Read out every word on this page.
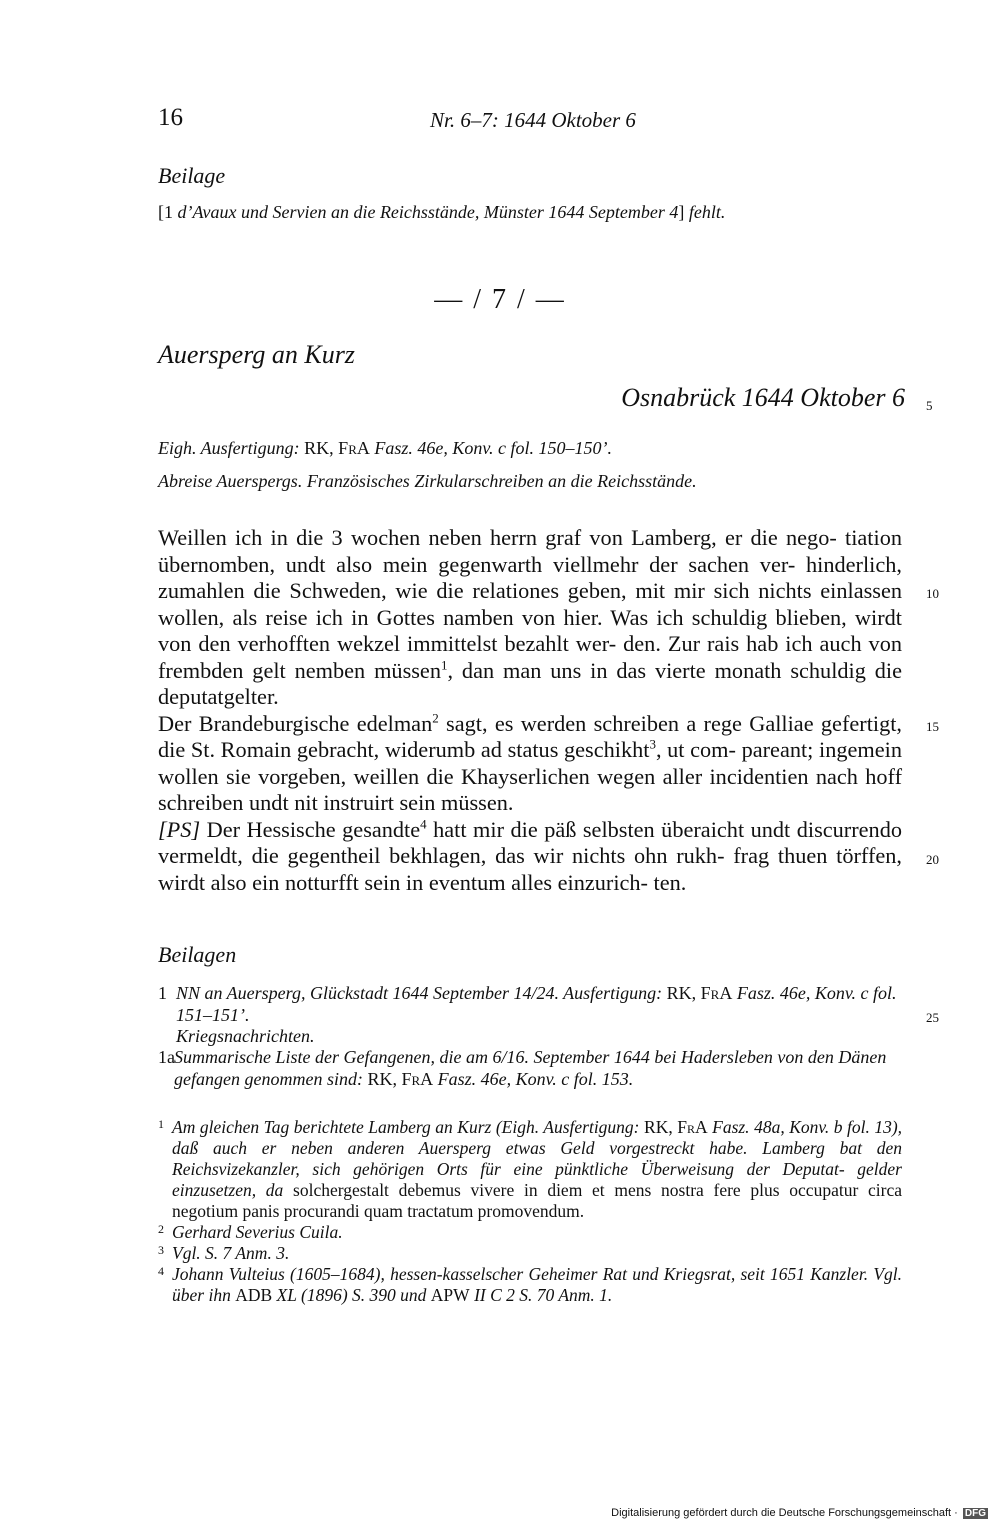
16	Nr. 6–7: 1644 Oktober 6
Beilage
[1 d’Avaux und Servien an die Reichsstände, Münster 1644 September 4] fehlt.
— / 7 / —
Auersperg an Kurz
Osnabrück 1644 Oktober 6
Eigh. Ausfertigung: RK, FrA Fasz. 46e, Konv. c fol. 150–150’.
Abreise Auerspergs. Französisches Zirkularschreiben an die Reichsstände.

Weillen ich in die 3 wochen neben herrn graf von Lamberg, er die nego- tiation übernomben, undt also mein gegenwarth viellmehr der sachen ver- hinderlich, zumahlen die Schweden, wie die relationes geben, mit mir sich nichts einlassen wollen, als reise ich in Gottes namben von hier. Was ich schuldig blieben, wirdt von den verhofften wekzel immittelst bezahlt wer- den. Zur rais hab ich auch von frembden gelt nemben müssen$^1$, dan man uns in das vierte monath schuldig die deputatgelter.

Der Brandeburgische edelman$^2$ sagt, es werden schreiben a rege Galliae gefertigt, die St. Romain gebracht, widerumb ad status geschikht$^3$, ut com- pareant; ingemein wollen sie vorgeben, weillen die Khayserlichen wegen aller incidentien nach hoff schreiben undt nit instruirt sein müssen.

[PS] Der Hessische gesandte$^4$ hatt mir die päß selbsten überaicht undt discurrendo vermeldt, die gegentheil bekhlagen, das wir nichts ohn rukh- frag thuen törffen, wirdt also ein notturfft sein in eventum alles einzurich- ten.

5
10
15
20
25
Beilagen
1 NN an Auersperg, Glückstadt 1644 September 14/24. Ausfertigung: RK, FrA Fasz. 46e, Konv. c fol. 151–151’.
Kriegsnachrichten.
1a Summarische Liste der Gefangenen, die am 6/16. September 1644 bei Hadersleben von den Dänen gefangen genommen sind: RK, FrA Fasz. 46e, Konv. c fol. 153.
1 Am gleichen Tag berichtete Lamberg an Kurz (Eigh. Ausfertigung: RK, FrA Fasz. 48a, Konv. b fol. 13), daß auch er neben anderen Auersperg etwas Geld vorgestreckt habe. Lamberg bat den Reichsvizekanzler, sich gehörigen Orts für eine pünktliche Überweisung der Deputat- gelder einzusetzen, da solchergestalt debemus vivere in diem et mens nostra fere plus occupatur circa negotium panis procurandi quam tractatum promovendum.
2 Gerhard Severius Cuila.
3 Vgl. S. 7 Anm. 3.
4 Johann Vulteius (1605–1684), hessen-kasselscher Geheimer Rat und Kriegsrat, seit 1651 Kanzler. Vgl. über ihn ADB XL (1896) S. 390 und APW II C 2 S. 70 Anm. 1.
Digitalisierung gefördert durch die Deutsche Forschungsgemeinschaft · DFG
